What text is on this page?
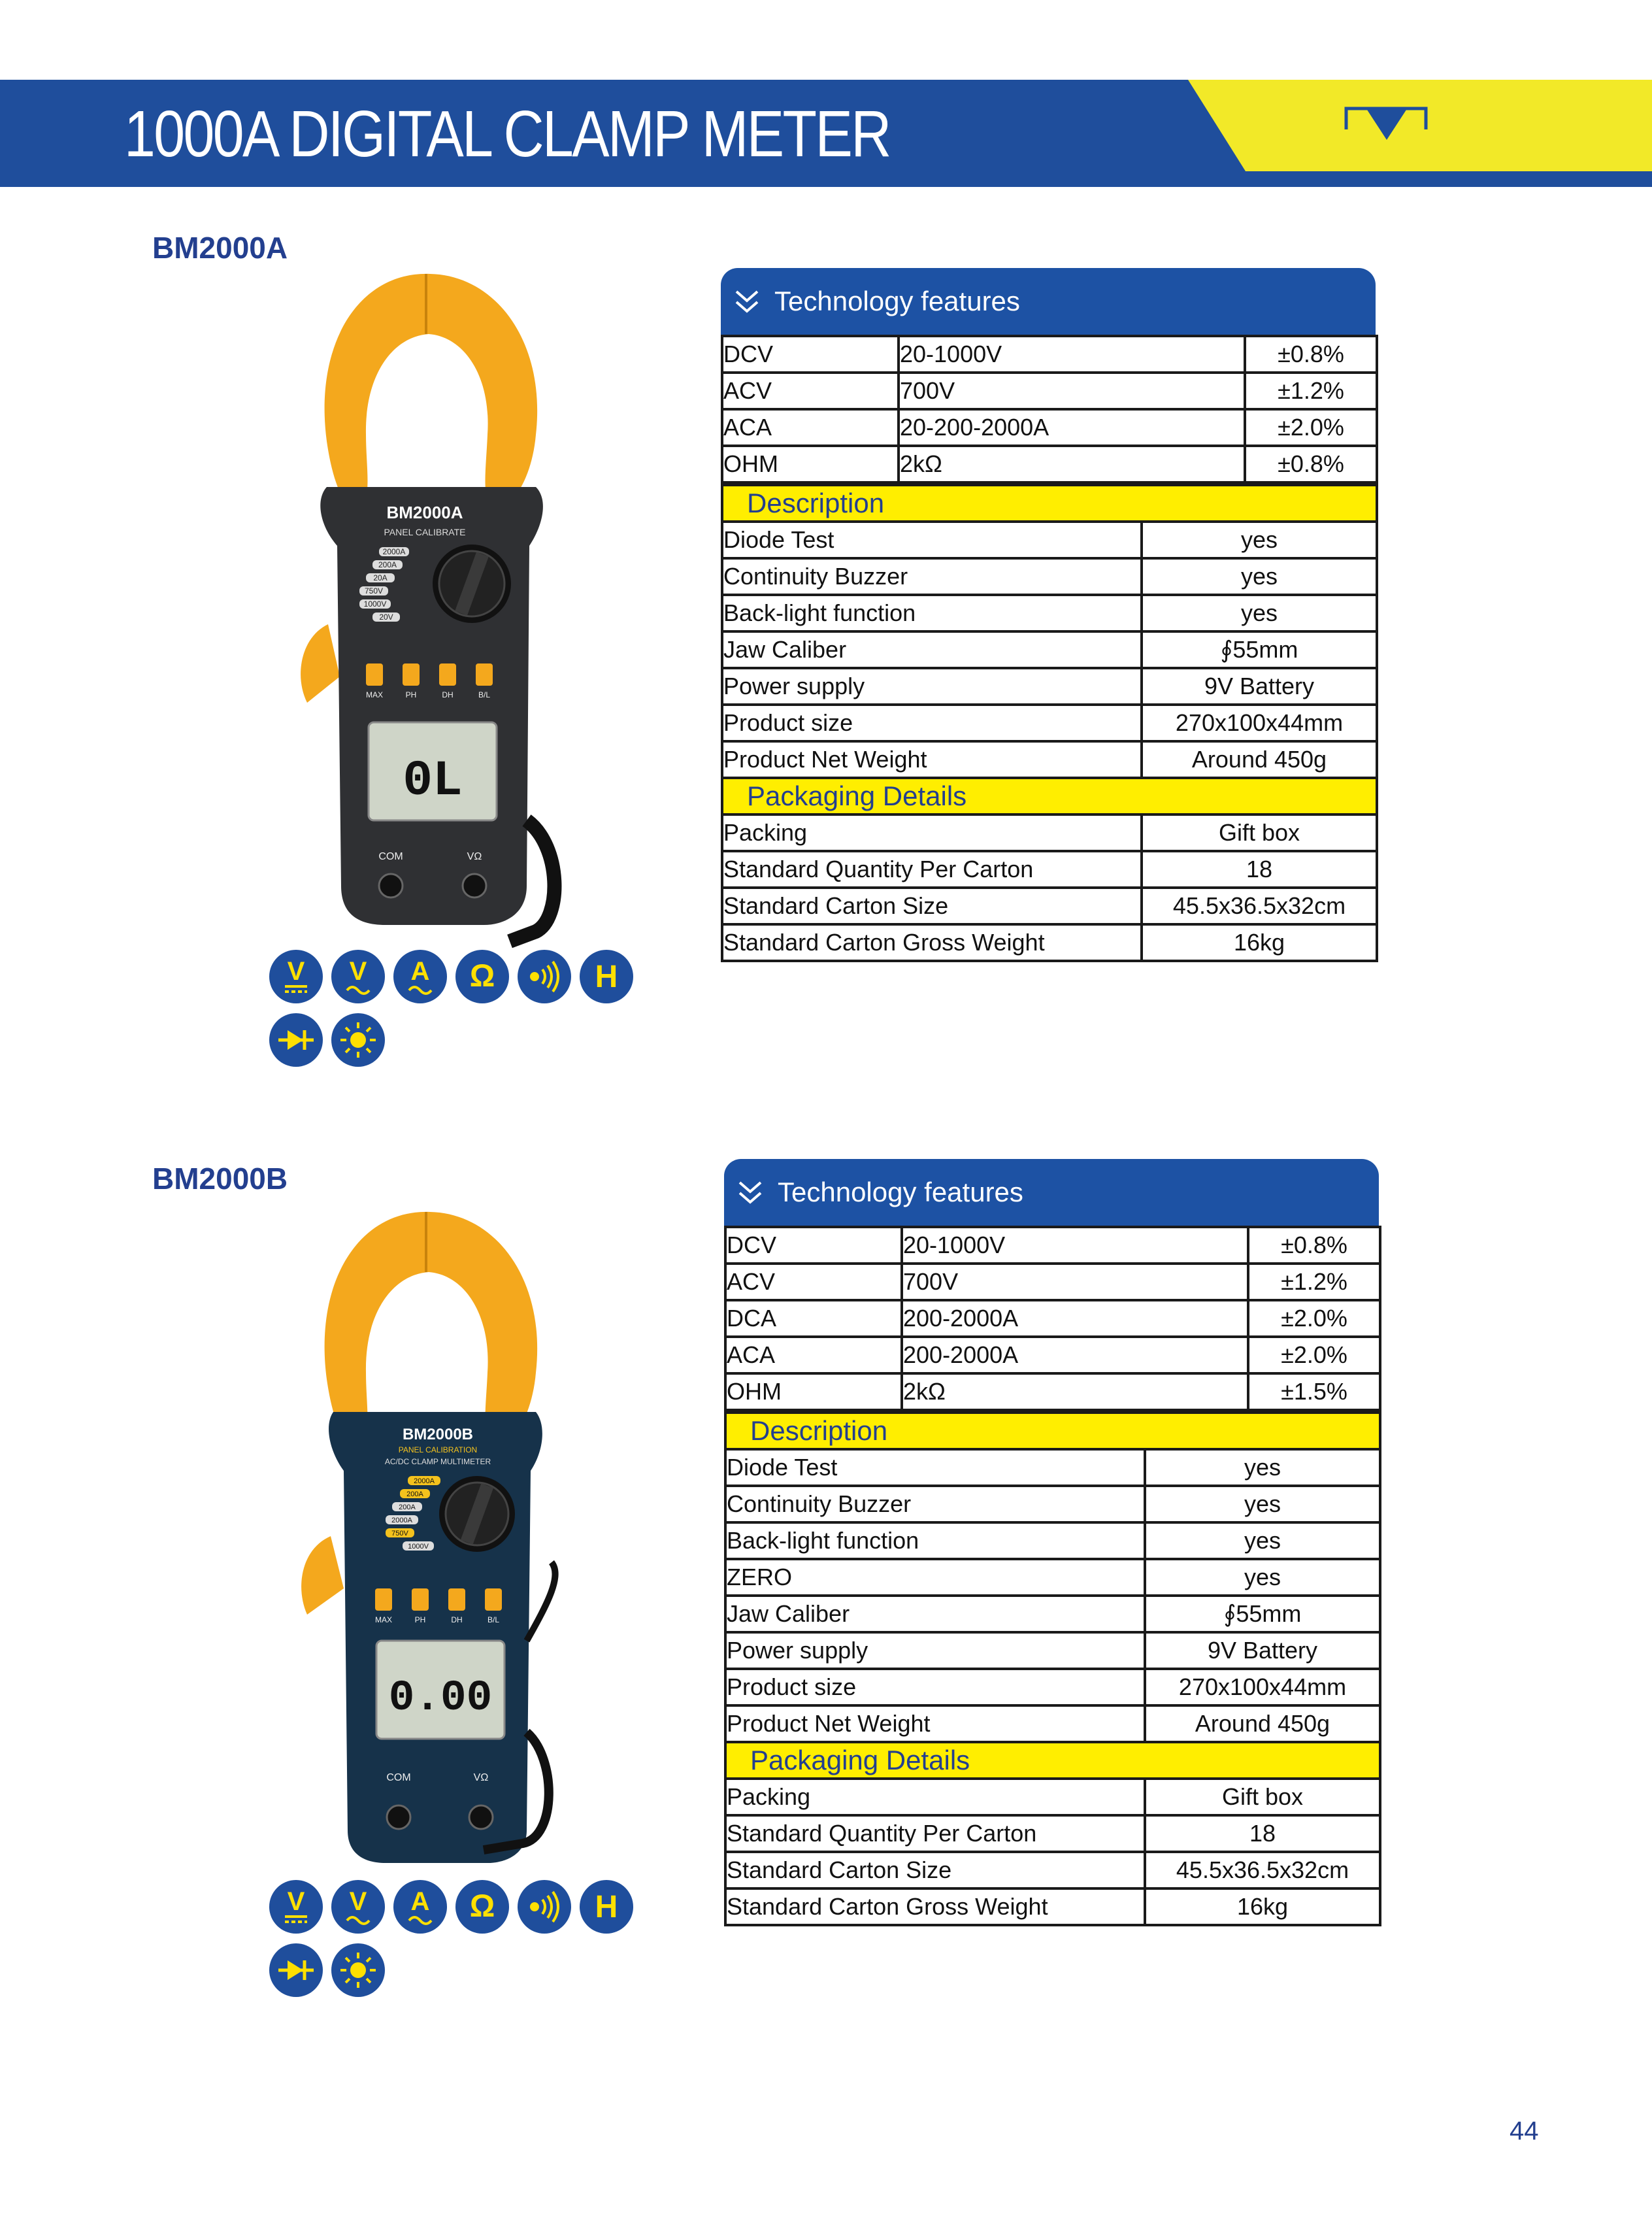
1000A DIGITAL CLAMP METER
BM2000A
BM2000A
PANEL CALIBRATE
2000A
200A
20A
750V
1000V
20V
MAX	PH	DH	B/L
0L
COM	VΩ
V V A Ω	H
Technology features
DCV	20-1000V	±0.8%
ACV	700V	±1.2%
ACA	20-200-2000A	±2.0%
OHM	2kΩ	±0.8%
Description	
Diode Test	yes
Continuity Buzzer	yes
Back-light function	yes
Jaw Caliber	∮55mm
Power supply	9V Battery
Product size	270x100x44mm
Product Net Weight	Around 450g
Packaging Details	
Packing	Gift box
Standard Quantity Per Carton	18
Standard Carton Size	45.5x36.5x32cm
Standard Carton Gross Weight	16kg
BM2000B
BM2000B
PANEL CALIBRATION
AC/DC CLAMP MULTIMETER
2000A
200A
200A
2000A
750V
1000V
MAX	PH	DH	B/L
0.00
COM	VΩ
V V A Ω	H
Technology features
DCV	20-1000V	±0.8%
ACV	700V	±1.2%
DCA	200-2000A	±2.0%
ACA	200-2000A	±2.0%
OHM	2kΩ	±1.5%
Description	
Diode Test	yes
Continuity Buzzer	yes
Back-light function	yes
ZERO	yes
Jaw Caliber	∮55mm
Power supply	9V Battery
Product size	270x100x44mm
Product Net Weight	Around 450g
Packaging Details	
Packing	Gift box
Standard Quantity Per Carton	18
Standard Carton Size	45.5x36.5x32cm
Standard Carton Gross Weight	16kg
44
